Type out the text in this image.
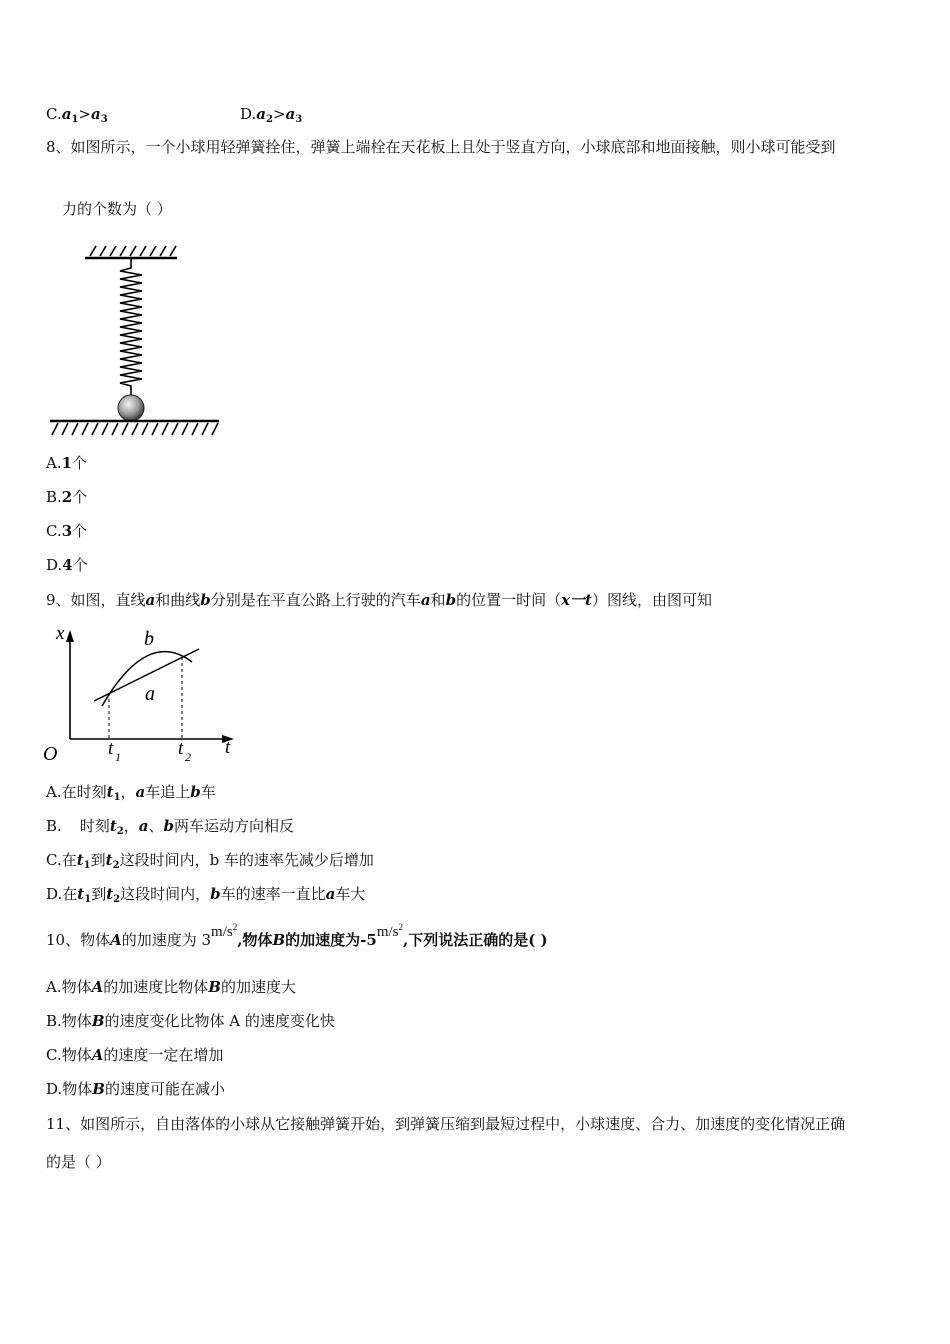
$C.a_1>a_3$	$D.a_2>a_3$
8、如图所示，一个小球用轻弹簧拴住，弹簧上端栓在天花板上且处于竖直方向，小球底部和地面接触，则小球可能受到
力的个数为（ ）
A.1个
B.2个
C.3个
D.4个
9、如图，直线a和曲线b分别是在平直公路上行驶的汽车a和b的位置一时间（x一t）图线，由图可知
x
t
O
b
a
t 1	t 2
A.在时刻$t_1$，a车追上b车
B. 时刻$t_2$，a、b两车运动方向相反
C.在$t_1$到$t_2$这段时间内，b 车的速率先减少后增加
D.在$t_1$到$t_2$这段时间内，b车的速率一直比a车大
10、物体A的加速度为 $3m/s^2$,物体B的加速度为$-5m/s^2$,下列说法正确的是( )
A.物体A的加速度比物体B的加速度大
B.物体B的速度变化比物体 A 的速度变化快
C.物体A的速度一定在增加
D.物体B的速度可能在减小
11、如图所示，自由落体的小球从它接触弹簧开始，到弹簧压缩到最短过程中，小球速度、合力、加速度的变化情况正确
的是（ ）
